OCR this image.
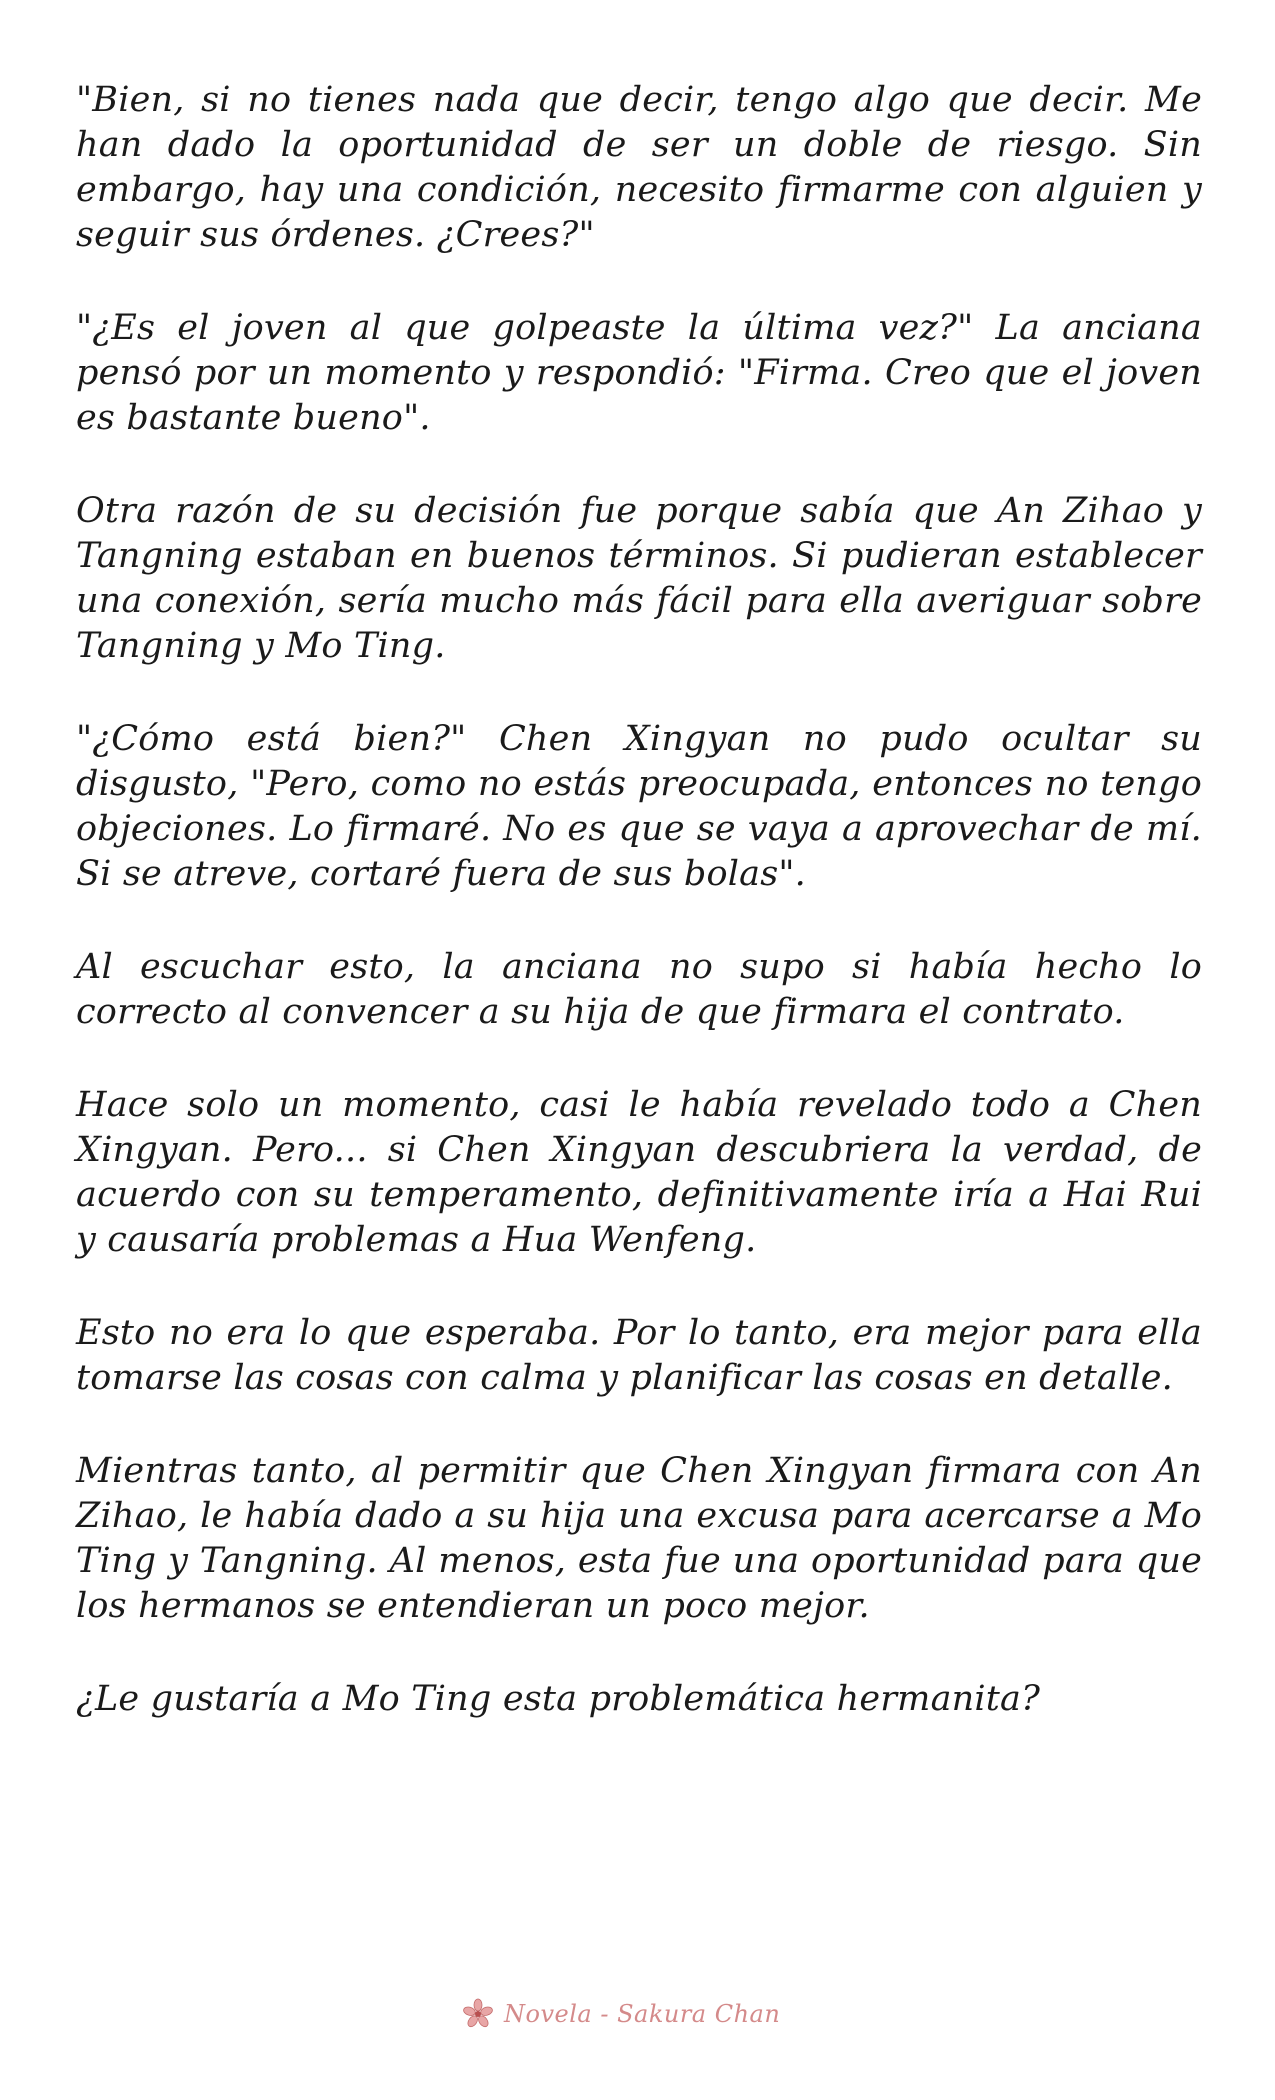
"Bien, si no tienes nada que decir, tengo algo que decir. Me han dado la oportunidad de ser un doble de riesgo. Sin embargo, hay una condición, necesito firmarme con alguien y seguir sus órdenes. ¿Crees?"

"¿Es el joven al que golpeaste la última vez?" La anciana pensó por un momento y respondió: "Firma. Creo que el joven es bastante bueno".

Otra razón de su decisión fue porque sabía que An Zihao y Tangning estaban en buenos términos. Si pudieran establecer una conexión, sería mucho más fácil para ella averiguar sobre Tangning y Mo Ting.

"¿Cómo está bien?" Chen Xingyan no pudo ocultar su disgusto, "Pero, como no estás preocupada, entonces no tengo objeciones. Lo firmaré. No es que se vaya a aprovechar de mí. Si se atreve, cortaré fuera de sus bolas".

Al escuchar esto, la anciana no supo si había hecho lo correcto al convencer a su hija de que firmara el contrato.

Hace solo un momento, casi le había revelado todo a Chen Xingyan. Pero... si Chen Xingyan descubriera la verdad, de acuerdo con su temperamento, definitivamente iría a Hai Rui y causaría problemas a Hua Wenfeng.

Esto no era lo que esperaba. Por lo tanto, era mejor para ella tomarse las cosas con calma y planificar las cosas en detalle.

Mientras tanto, al permitir que Chen Xingyan firmara con An Zihao, le había dado a su hija una excusa para acercarse a Mo Ting y Tangning. Al menos, esta fue una oportunidad para que los hermanos se entendieran un poco mejor.

¿Le gustaría a Mo Ting esta problemática hermanita?

Novela - Sakura Chan
